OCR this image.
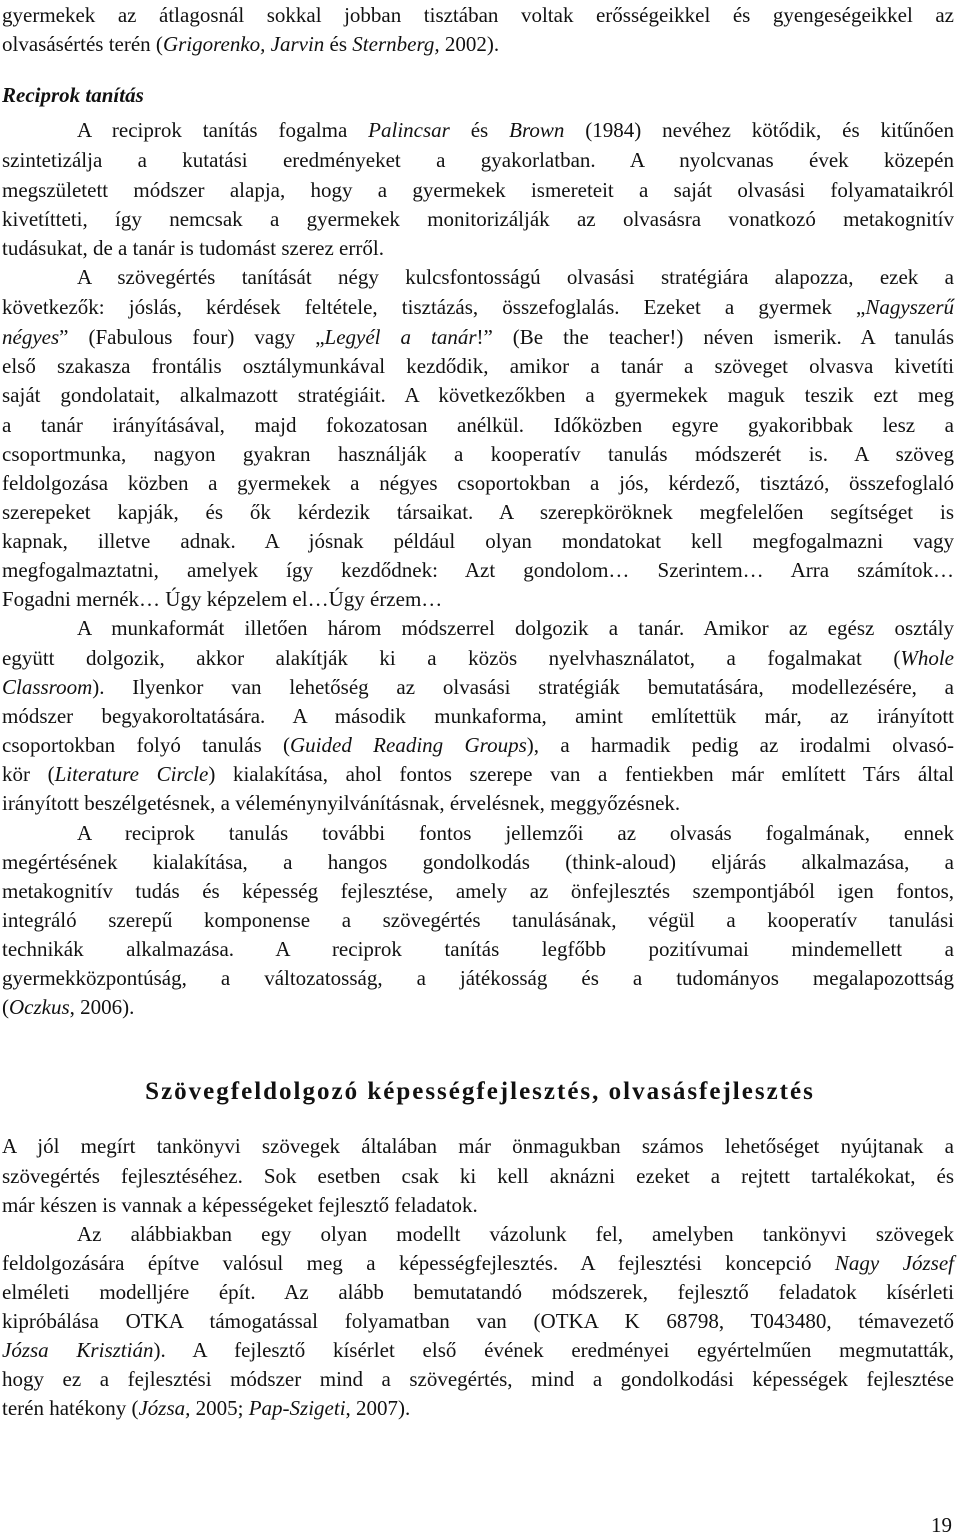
Reciprok tanítás
gyermekek az átlagosnál sokkal jobban tisztában voltak erősségeikkel és gyengeségeikkel az
olvasásértés terén (Grigorenko, Jarvin és Sternberg, 2002).
A reciprok tanítás fogalma Palincsar és Brown (1984) nevéhez kötődik, és kitűnően
szintetizálja a kutatási eredményeket a gyakorlatban. A nyolcvanas évek közepén
megszületett módszer alapja, hogy a gyermekek ismereteit a saját olvasási folyamataikról
kivetítteti, így nemcsak a gyermekek monitorizálják az olvasásra vonatkozó metakognitív
tudásukat, de a tanár is tudomást szerez erről.
A szövegértés tanítását négy kulcsfontosságú olvasási stratégiára alapozza, ezek a
következők: jóslás, kérdések feltétele, tisztázás, összefoglalás. Ezeket a gyermek „Nagyszerű
négyes” (Fabulous four) vagy „Legyél a tanár!” (Be the teacher!) néven ismerik. A tanulás
első szakasza frontális osztálymunkával kezdődik, amikor a tanár a szöveget olvasva kivetíti
saját gondolatait, alkalmazott stratégiáit. A következőkben a gyermekek maguk teszik ezt meg
a tanár irányításával, majd fokozatosan anélkül. Időközben egyre gyakoribbak lesz a
csoportmunka, nagyon gyakran használják a kooperatív tanulás módszerét is. A szöveg
feldolgozása közben a gyermekek a négyes csoportokban a jós, kérdező, tisztázó, összefoglaló
szerepeket kapják, és ők kérdezik társaikat. A szerepköröknek megfelelően segítséget is
kapnak, illetve adnak. A jósnak például olyan mondatokat kell megfogalmazni vagy
megfogalmaztatni, amelyek így kezdődnek: Azt gondolom… Szerintem… Arra számítok…
Fogadni mernék… Úgy képzelem el…Úgy érzem…
A munkaformát illetően három módszerrel dolgozik a tanár. Amikor az egész osztály
együtt dolgozik, akkor alakítják ki a közös nyelvhasználatot, a fogalmakat (Whole
Classroom). Ilyenkor van lehetőség az olvasási stratégiák bemutatására, modellezésére, a
módszer begyakoroltatására. A második munkaforma, amint említettük már, az irányított
csoportokban folyó tanulás (Guided Reading Groups), a harmadik pedig az irodalmi olvasó-
kör (Literature Circle) kialakítása, ahol fontos szerepe van a fentiekben már említett Társ által
irányított beszélgetésnek, a véleménynyilvánításnak, érvelésnek, meggyőzésnek.
A reciprok tanulás további fontos jellemzői az olvasás fogalmának, ennek
megértésének kialakítása, a hangos gondolkodás (think-aloud) eljárás alkalmazása, a
metakognitív tudás és képesség fejlesztése, amely az önfejlesztés szempontjából igen fontos,
integráló szerepű komponense a szövegértés tanulásának, végül a kooperatív tanulási
technikák alkalmazása. A reciprok tanítás legfőbb pozitívumai mindemellett a
gyermekközpontúság, a változatosság, a játékosság és a tudományos megalapozottság
(Oczkus, 2006).
A jól megírt tankönyvi szövegek általában már önmagukban számos lehetőséget nyújtanak a
szövegértés fejlesztéséhez. Sok esetben csak ki kell aknázni ezeket a rejtett tartalékokat, és
már készen is vannak a képességeket fejlesztő feladatok.
Az alábbiakban egy olyan modellt vázolunk fel, amelyben tankönyvi szövegek
feldolgozására építve valósul meg a képességfejlesztés. A fejlesztési koncepció Nagy József
elméleti modelljére épít. Az alább bemutatandó módszerek, fejlesztő feladatok kísérleti
kipróbálása OTKA támogatással folyamatban van (OTKA K 68798, T043480, témavezető
Józsa Krisztián). A fejlesztő kísérlet első évének eredményei egyértelműen megmutatták,
hogy ez a fejlesztési módszer mind a szövegértés, mind a gondolkodási képességek fejlesztése
terén hatékony (Józsa, 2005; Pap-Szigeti, 2007).
Szövegfeldolgozó képességfejlesztés, olvasásfejlesztés
19
